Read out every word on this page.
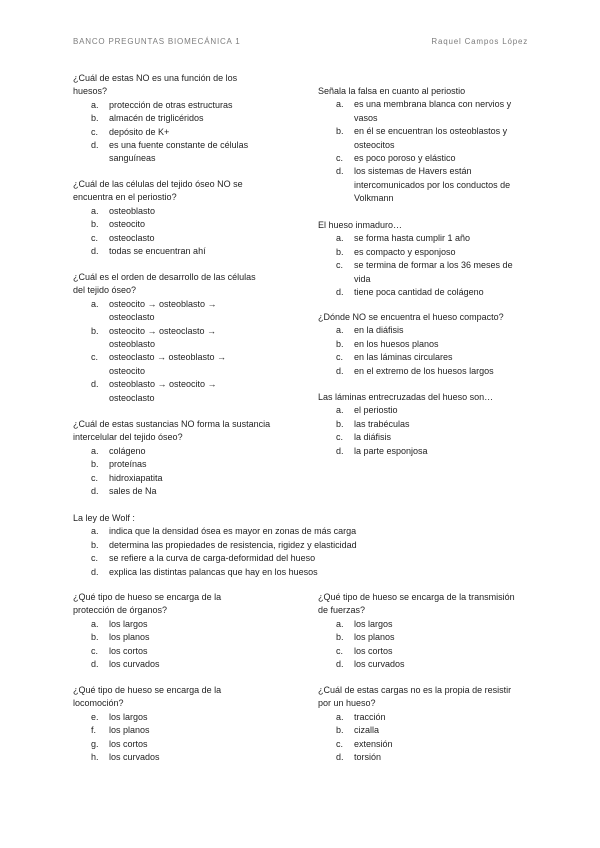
BANCO PREGUNTAS BIOMECÁNICA 1	Raquel Campos López

¿Cuál de estas NO es una función de los huesos?

a. protección de otras estructuras
b. almacén de triglicéridos
c. depósito de K+
d. es una fuente constante de células sanguíneas

¿Cuál de las células del tejido óseo NO se encuentra en el periostio?

a. osteoblasto
b. osteocito
c. osteoclasto
d. todas se encuentran ahí

¿Cuál es el orden de desarrollo de las células del tejido óseo?

a. osteocito → osteoblasto → osteoclasto
b. osteocito → osteoclasto → osteoblasto
c. osteoclasto → osteoblasto → osteocito
d. osteoblasto → osteocito → osteoclasto

¿Cuál de estas sustancias NO forma la sustancia intercelular del tejido óseo?

a. colágeno
b. proteínas
c. hidroxiapatita
d. sales de Na

Señala la falsa en cuanto al periostio

a. es una membrana blanca con nervios y vasos
b. en él se encuentran los osteoblastos y osteocitos
c. es poco poroso y elástico
d. los sistemas de Havers están intercomunicados por los conductos de Volkmann

El hueso inmaduro…

a. se forma hasta cumplir 1 año
b. es compacto y esponjoso
c. se termina de formar a los 36 meses de vida
d. tiene poca cantidad de colágeno

¿Dónde NO se encuentra el hueso compacto?

a. en la diáfisis
b. en los huesos planos
c. en las láminas circulares
d. en el extremo de los huesos largos

Las láminas entrecruzadas del hueso son…

a. el periostio
b. las trabéculas
c. la diáfisis
d. la parte esponjosa

La ley de Wolf :

a. indica que la densidad ósea es mayor en zonas de más carga
b. determina las propiedades de resistencia, rigidez y elasticidad
c. se refiere a la curva de carga-deformidad del hueso
d. explica las distintas palancas que hay en los huesos

¿Qué tipo de hueso se encarga de la protección de órganos?

a. los largos
b. los planos
c. los cortos
d. los curvados

¿Qué tipo de hueso se encarga de la transmisión de fuerzas?

a. los largos
b. los planos
c. los cortos
d. los curvados

¿Qué tipo de hueso se encarga de la locomoción?

e. los largos
f. los planos
g. los cortos
h. los curvados

¿Cuál de estas cargas no es la propia de resistir por un hueso?

a. tracción
b. cizalla
c. extensión
d. torsión
